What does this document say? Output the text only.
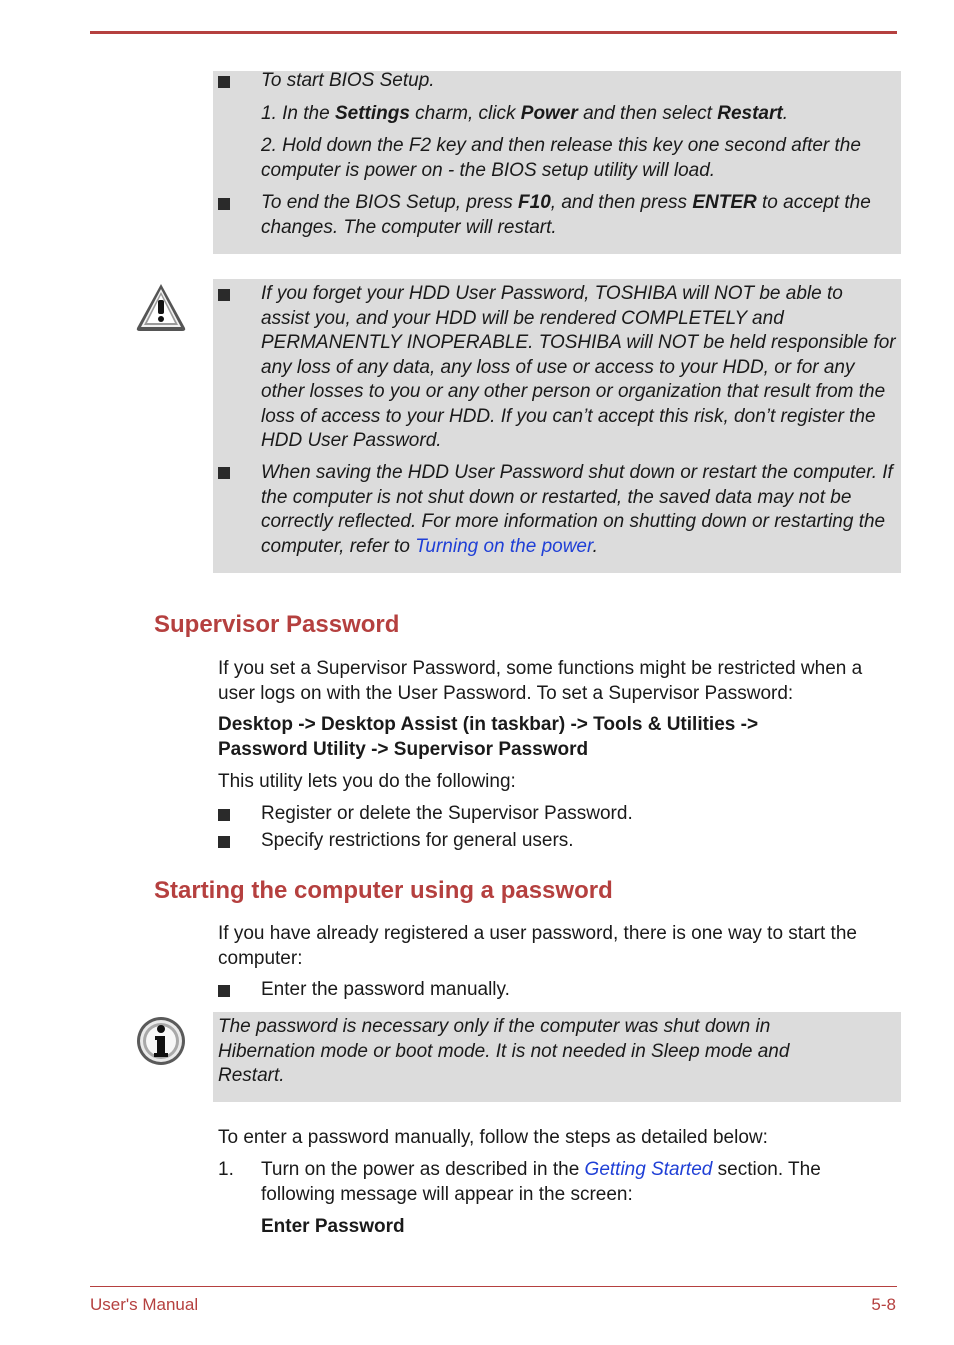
To start BIOS Setup.
1. In the Settings charm, click Power and then select Restart.
2. Hold down the F2 key and then release this key one second after the computer is power on - the BIOS setup utility will load.
To end the BIOS Setup, press F10, and then press ENTER to accept the changes. The computer will restart.
If you forget your HDD User Password, TOSHIBA will NOT be able to assist you, and your HDD will be rendered COMPLETELY and PERMANENTLY INOPERABLE. TOSHIBA will NOT be held responsible for any loss of any data, any loss of use or access to your HDD, or for any other losses to you or any other person or organization that result from the loss of access to your HDD. If you can’t accept this risk, don’t register the HDD User Password.
When saving the HDD User Password shut down or restart the computer. If the computer is not shut down or restarted, the saved data may not be correctly reflected. For more information on shutting down or restarting the computer, refer to Turning on the power.
Supervisor Password
If you set a Supervisor Password, some functions might be restricted when a user logs on with the User Password. To set a Supervisor Password:
Desktop -> Desktop Assist (in taskbar) -> Tools & Utilities -> Password Utility -> Supervisor Password
This utility lets you do the following:
Register or delete the Supervisor Password.
Specify restrictions for general users.
Starting the computer using a password
If you have already registered a user password, there is one way to start the computer:
Enter the password manually.
The password is necessary only if the computer was shut down in Hibernation mode or boot mode. It is not needed in Sleep mode and Restart.
To enter a password manually, follow the steps as detailed below:
1.	Turn on the power as described in the Getting Started section. The following message will appear in the screen:
Enter Password
User's Manual	5-8
